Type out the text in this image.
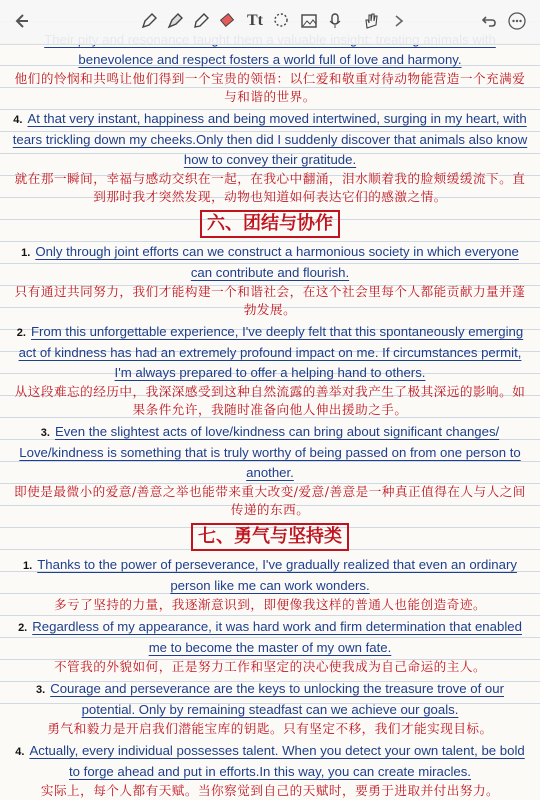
benevolence and respect fosters a world full of love and harmony.
他们的怜悯和共鸣让他们得到一个宝贵的领悟：以仁爱和敬重对待动物能营造一个充满爱与和谐的世界。
4. At that very instant, happiness and being moved intertwined, surging in my heart, with tears trickling down my cheeks.Only then did I suddenly discover that animals also know how to convey their gratitude.
就在那一瞬间，幸福与感动交织在一起，在我心中翻涌，泪水顺着我的脸颊缓缓流下。直到那时我才突然发现，动物也知道如何表达它们的感激之情。
六、团结与协作
1. Only through joint efforts can we construct a harmonious society in which everyone can contribute and flourish.
只有通过共同努力，我们才能构建一个和谐社会，在这个社会里每个人都能贡献力量并蓬勃发展。
2. From this unforgettable experience, I've deeply felt that this spontaneously emerging act of kindness has had an extremely profound impact on me. If circumstances permit, I'm always prepared to offer a helping hand to others.
从这段难忘的经历中，我深深感受到这种自然流露的善举对我产生了极其深远的影响。如果条件允许，我随时准备向他人伸出援助之手。
3. Even the slightest acts of love/kindness can bring about significant changes/ Love/kindness is something that is truly worthy of being passed on from one person to another.
即使是最微小的爱意/善意之举也能带来重大改变/爱意/善意是一种真正值得在人与人之间传递的东西。
七、勇气与坚持类
1. Thanks to the power of perseverance, I've gradually realized that even an ordinary person like me can work wonders.
多亏了坚持的力量，我逐渐意识到，即便像我这样的普通人也能创造奇迹。
2. Regardless of my appearance, it was hard work and firm determination that enabled me to become the master of my own fate.
不管我的外貌如何，正是努力工作和坚定的决心使我成为自己命运的主人。
3. Courage and perseverance are the keys to unlocking the treasure trove of our potential. Only by remaining steadfast can we achieve our goals.
勇气和毅力是开启我们潜能宝库的钥匙。只有坚定不移，我们才能实现目标。
4. Actually, every individual possesses talent. When you detect your own talent, be bold to forge ahead and put in efforts.In this way, you can create miracles.
实际上，每个人都有天赋。当你察觉到自己的天赋时，要勇于进取并付出努力。
Tt
